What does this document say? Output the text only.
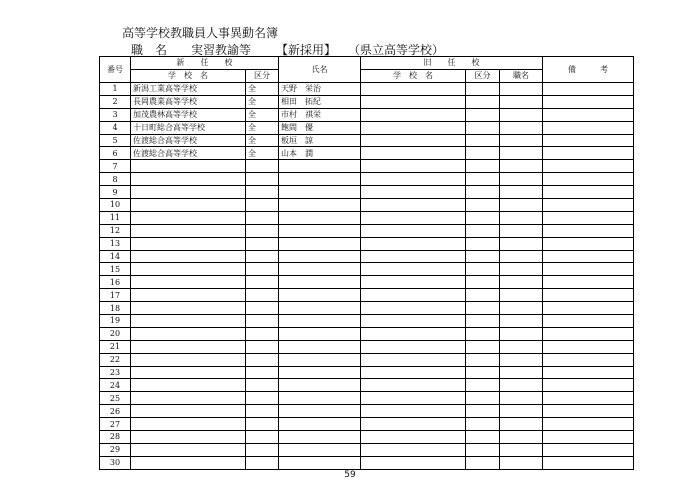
高等学校教職員人事異動名簿
職　名 実習教諭等 【新採用】 （県立高等学校）
番号	新　　任　　校		氏名	旧　　任　　校			備　　　考
	学　校　名	区分		学　校　名	区分	職名	
1	新潟工業高等学校	全	天野　栄治				
2	長岡農業高等学校	全	相田　拓紀				
3	加茂農林高等学校	全	市村　祺栄				
4	十日町総合高等学校	全	飽間　優				
5	佐渡総合高等学校	全	板垣　諒				
6	佐渡総合高等学校	全	山本　潤				
7							
8							
9							
10							
11							
12							
13							
14							
15							
16							
17							
18							
19							
20							
21							
22							
23							
24							
25							
26							
27							
28							
29							
30							
59
